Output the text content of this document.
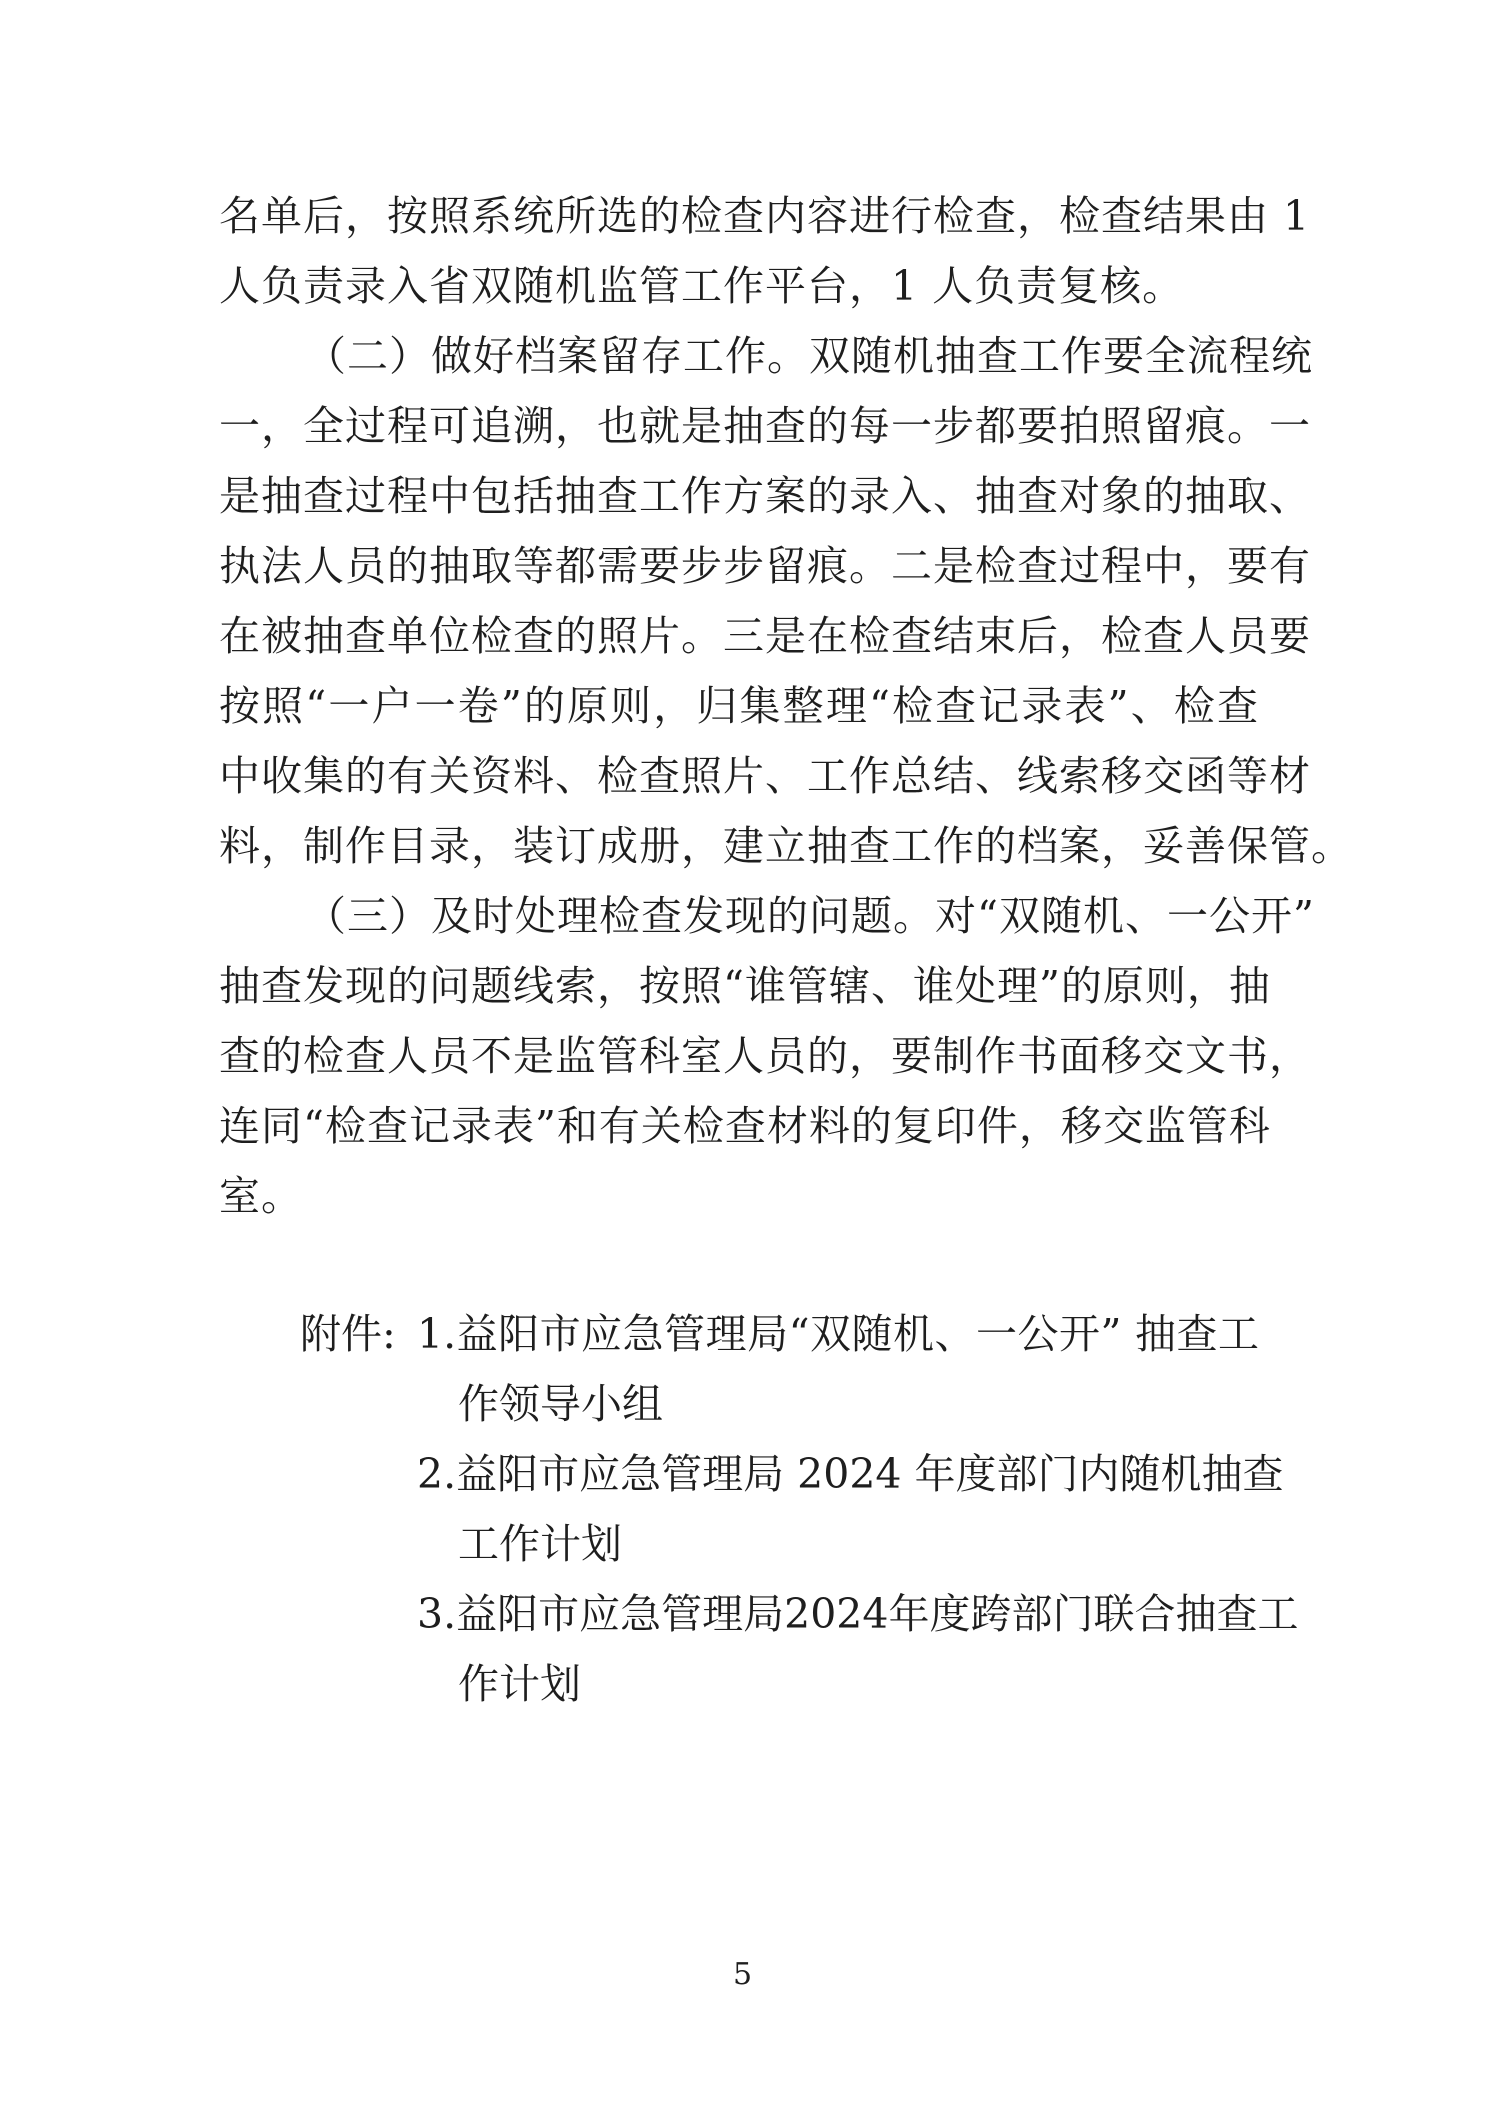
名单后，按照系统所选的检查内容进行检查，检查结果由 1
人负责录入省双随机监管工作平台，1 人负责复核。
（二）做好档案留存工作。双随机抽查工作要全流程统
一，全过程可追溯，也就是抽查的每一步都要拍照留痕。一
是抽查过程中包括抽查工作方案的录入、抽查对象的抽取、
执法人员的抽取等都需要步步留痕。二是检查过程中，要有
在被抽查单位检查的照片。三是在检查结束后，检查人员要
按照“一户一卷”的原则，归集整理“检查记录表”、检查
中收集的有关资料、检查照片、工作总结、线索移交函等材
料，制作目录，装订成册，建立抽查工作的档案，妥善保管。
（三）及时处理检查发现的问题。对“双随机、一公开”
抽查发现的问题线索，按照“谁管辖、谁处理”的原则，抽
查的检查人员不是监管科室人员的，要制作书面移交文书，
连同“检查记录表”和有关检查材料的复印件，移交监管科
室。
附件: 1.益阳市应急管理局“双随机、一公开” 抽查工
作领导小组
2.益阳市应急管理局 2024 年度部门内随机抽查
工作计划
3.益阳市应急管理局2024年度跨部门联合抽查工
作计划
5
